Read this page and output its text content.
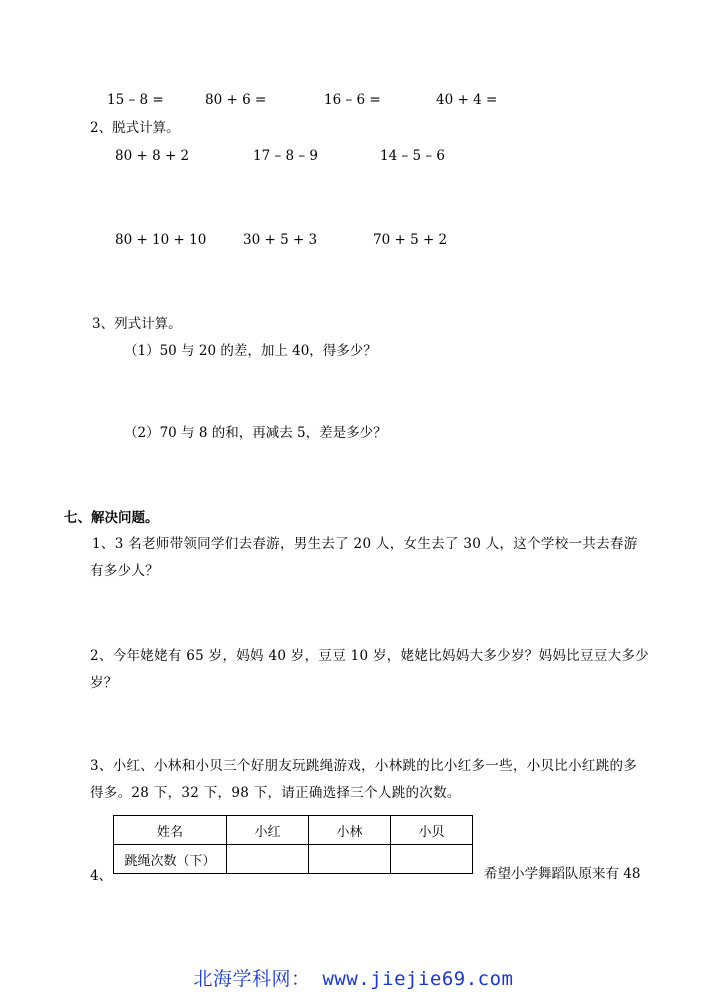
15 – 8 =	80 + 6 =	16 – 6 =	40 + 4 =
2、脱式计算。
80 + 8 + 2	17 – 8 – 9	14 – 5 – 6
80 + 10 + 10	30 + 5 + 3	70 + 5 + 2
3、列式计算。
（1）50 与 20 的差，加上 40，得多少？
（2）70 与 8 的和，再减去 5，差是多少？
七、解决问题。
1、3 名老师带领同学们去春游，男生去了 20 人，女生去了 30 人，这个学校一共去春游有多少人？
2、今年姥姥有 65 岁，妈妈 40 岁，豆豆 10 岁，姥姥比妈妈大多少岁？妈妈比豆豆大多少岁？
3、小红、小林和小贝三个好朋友玩跳绳游戏，小林跳的比小红多一些，小贝比小红跳的多得多。28 下，32 下，98 下，请正确选择三个人跳的次数。
姓名	小红	小林	小贝
跳绳次数（下）			
4、	希望小学舞蹈队原来有 48
北海学科网： www.jiejie69.com
